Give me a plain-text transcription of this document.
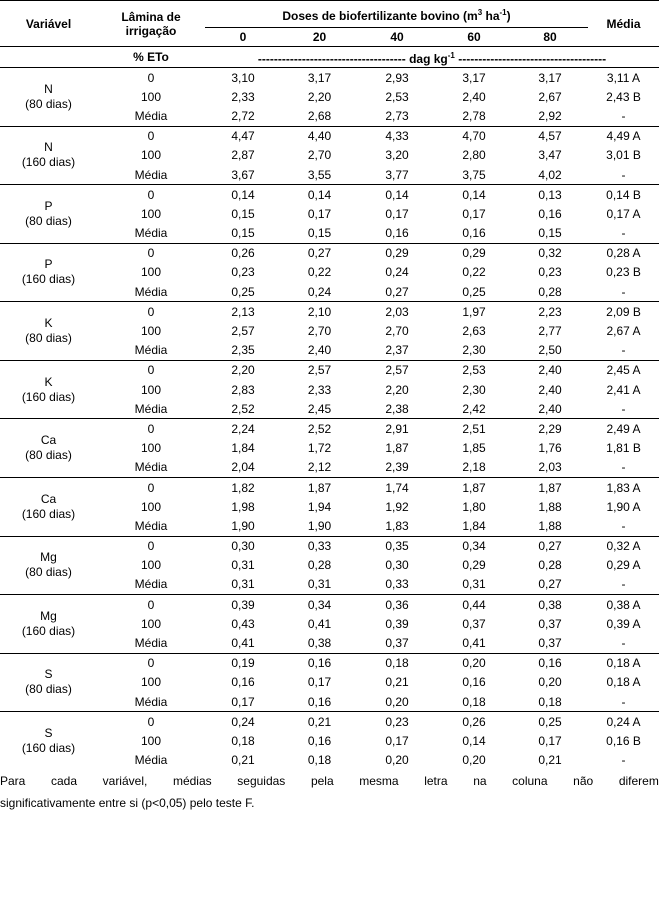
Variável	Lâmina de irrigação	Doses de biofertilizante bovino ($m^3$ $ha^{-1}$)					Média
		0	20	40	60	80	
	% ETo	------------------------------------- dag $kg^{-1}$ -------------------------------------					

N
(80 dias)	0	3,10	3,17	2,93	3,17	3,17	3,11 A
	100	2,33	2,20	2,53	2,40	2,67	2,43 B
	Média	2,72	2,68	2,73	2,78	2,92	-

N
(160 dias)	0	4,47	4,40	4,33	4,70	4,57	4,49 A
	100	2,87	2,70	3,20	2,80	3,47	3,01 B
	Média	3,67	3,55	3,77	3,75	4,02	-

P
(80 dias)	0	0,14	0,14	0,14	0,14	0,13	0,14 B
	100	0,15	0,17	0,17	0,17	0,16	0,17 A
	Média	0,15	0,15	0,16	0,16	0,15	-

P
(160 dias)	0	0,26	0,27	0,29	0,29	0,32	0,28 A
	100	0,23	0,22	0,24	0,22	0,23	0,23 B
	Média	0,25	0,24	0,27	0,25	0,28	-

K
(80 dias)	0	2,13	2,10	2,03	1,97	2,23	2,09 B
	100	2,57	2,70	2,70	2,63	2,77	2,67 A
	Média	2,35	2,40	2,37	2,30	2,50	-

K
(160 dias)	0	2,20	2,57	2,57	2,53	2,40	2,45 A
	100	2,83	2,33	2,20	2,30	2,40	2,41 A
	Média	2,52	2,45	2,38	2,42	2,40	-

Ca
(80 dias)	0	2,24	2,52	2,91	2,51	2,29	2,49 A
	100	1,84	1,72	1,87	1,85	1,76	1,81 B
	Média	2,04	2,12	2,39	2,18	2,03	-

Ca
(160 dias)	0	1,82	1,87	1,74	1,87	1,87	1,83 A
	100	1,98	1,94	1,92	1,80	1,88	1,90 A
	Média	1,90	1,90	1,83	1,84	1,88	-

Mg
(80 dias)	0	0,30	0,33	0,35	0,34	0,27	0,32 A
	100	0,31	0,28	0,30	0,29	0,28	0,29 A
	Média	0,31	0,31	0,33	0,31	0,27	-

Mg
(160 dias)	0	0,39	0,34	0,36	0,44	0,38	0,38 A
	100	0,43	0,41	0,39	0,37	0,37	0,39 A
	Média	0,41	0,38	0,37	0,41	0,37	-

S
(80 dias)	0	0,19	0,16	0,18	0,20	0,16	0,18 A
	100	0,16	0,17	0,21	0,16	0,20	0,18 A
	Média	0,17	0,16	0,20	0,18	0,18	-

S
(160 dias)	0	0,24	0,21	0,23	0,26	0,25	0,24 A
	100	0,18	0,16	0,17	0,14	0,17	0,16 B
	Média	0,21	0,18	0,20	0,20	0,21	-
Para cada variável, médias seguidas pela mesma letra na coluna não diferem
significativamente entre si (p<0,05) pelo teste F.
